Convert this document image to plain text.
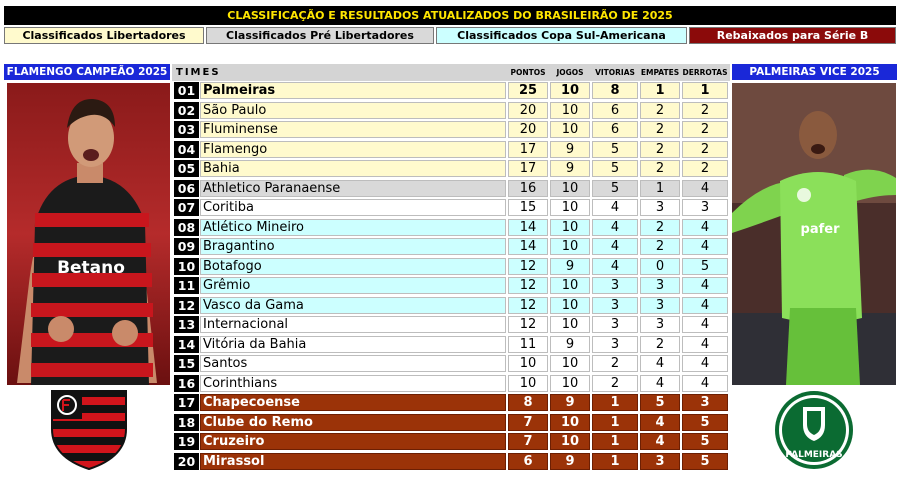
CLASSIFICAÇÃO E RESULTADOS ATUALIZADOS DO BRASILEIRÃO DE 2025
Classificados Libertadores	Classificados Pré Libertadores	Classificados Copa Sul-Americana	Rebaixados para Série B
FLAMENGO CAMPEÃO 2025
Betano
PALMEIRAS VICE 2025
pafer
PALMEIRAS
TIMES	PONTOS	JOGOS	VITORIAS EMPATES DERROTAS
01 Palmeiras	25	10	8	1	1
02 São Paulo	20	10	6	2	2
03 Fluminense	20	10	6	2	2
04 Flamengo	17	9	5	2	2
05 Bahia	17	9	5	2	2
06 Athletico Paranaense	16	10	5	1	4
07 Coritiba	15	10	4	3	3
08 Atlético Mineiro	14	10	4	2	4
09 Bragantino	14	10	4	2	4
10 Botafogo	12	9	4	0	5
11 Grêmio	12	10	3	3	4
12 Vasco da Gama	12	10	3	3	4
13 Internacional	12	10	3	3	4
14 Vitória da Bahia	11	9	3	2	4
15 Santos	10	10	2	4	4
16 Corinthians	10	10	2	4	4
17 Chapecoense	8	9	1	5	3
18 Clube do Remo	7	10	1	4	5
19 Cruzeiro	7	10	1	4	5
20 Mirassol	6	9	1	3	5
